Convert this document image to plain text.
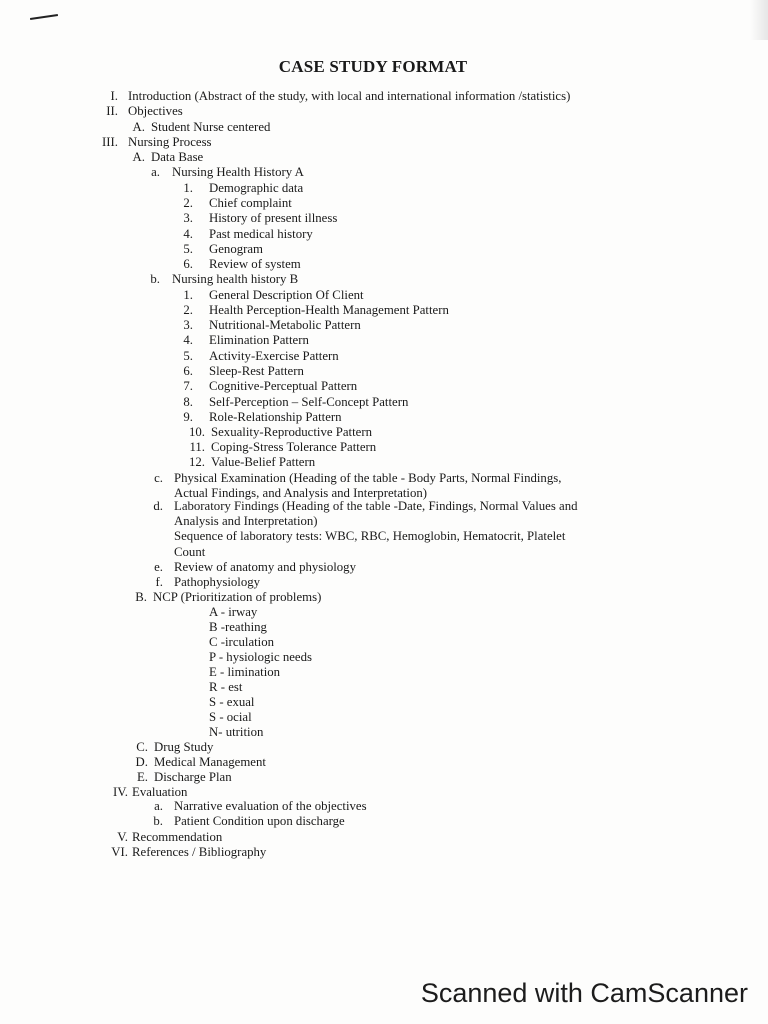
CASE STUDY FORMAT
I. Introduction (Abstract of the study, with local and international information /statistics)
II. Objectives
A. Student Nurse centered
III. Nursing Process
A. Data Base
a. Nursing Health History A
1. Demographic data
2. Chief complaint
3. History of present illness
4. Past medical history
5. Genogram
6. Review of system
b. Nursing health history B
1. General Description Of Client
2. Health Perception-Health Management Pattern
3. Nutritional-Metabolic Pattern
4. Elimination Pattern
5. Activity-Exercise Pattern
6. Sleep-Rest Pattern
7. Cognitive-Perceptual Pattern
8. Self-Perception – Self-Concept Pattern
9. Role-Relationship Pattern
10. Sexuality-Reproductive Pattern
11. Coping-Stress Tolerance Pattern
12. Value-Belief Pattern
c. Physical Examination (Heading of the table - Body Parts, Normal Findings,
Actual Findings, and Analysis and Interpretation)
d. Laboratory Findings (Heading of the table -Date, Findings, Normal Values and
Analysis and Interpretation)
Sequence of laboratory tests: WBC, RBC, Hemoglobin, Hematocrit, Platelet
Count
e. Review of anatomy and physiology
f. Pathophysiology
B. NCP (Prioritization of problems)
A - irway
B -reathing
C -irculation
P - hysiologic needs
E - limination
R - est
S - exual
S - ocial
N- utrition
C. Drug Study
D. Medical Management
E. Discharge Plan
IV. Evaluation
a. Narrative evaluation of the objectives
b. Patient Condition upon discharge
V. Recommendation
VI. References / Bibliography
Scanned with CamScanner
